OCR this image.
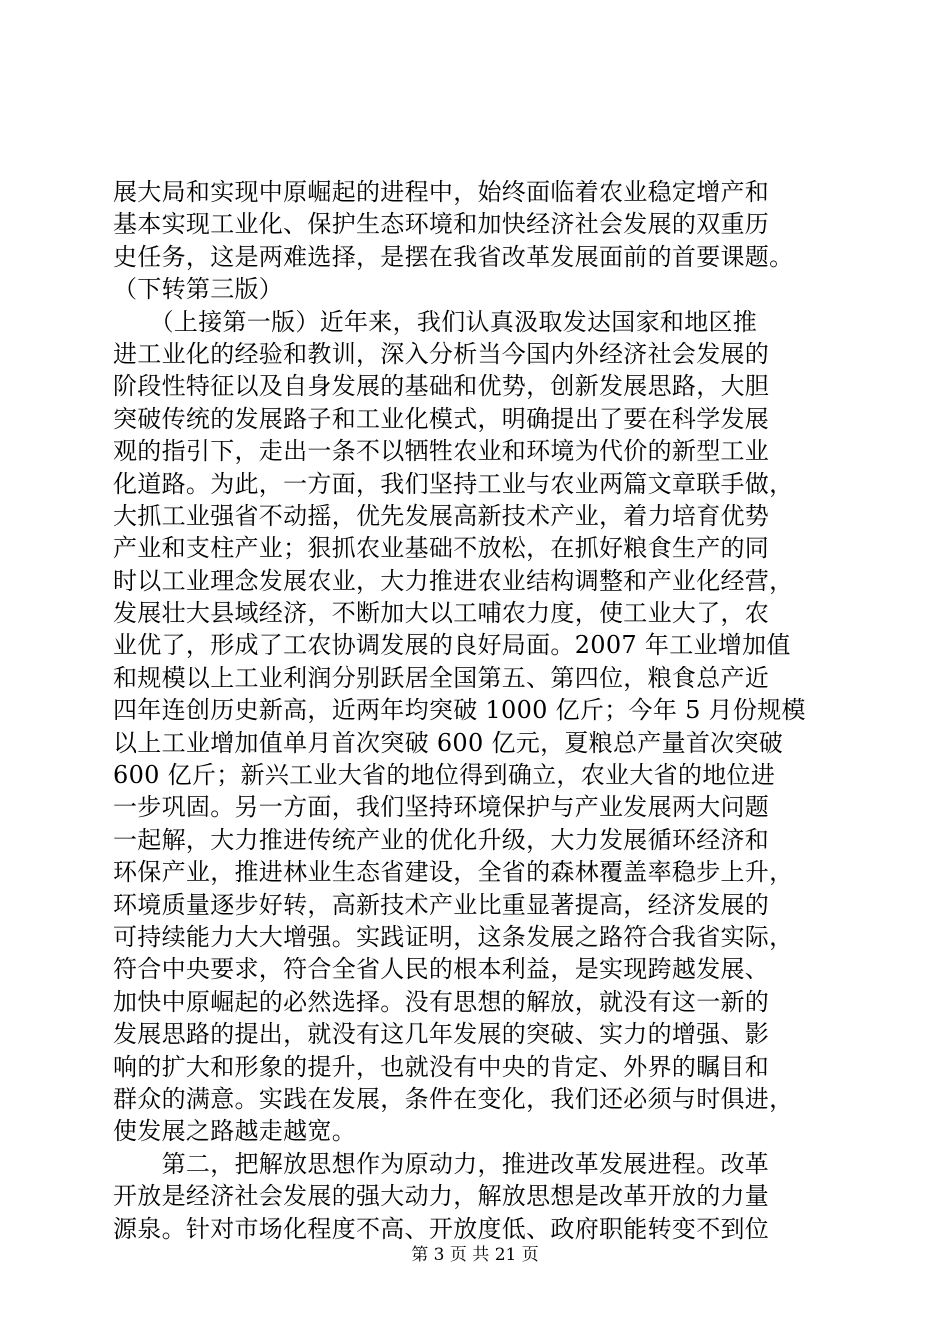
展大局和实现中原崛起的进程中，始终面临着农业稳定增产和
基本实现工业化、保护生态环境和加快经济社会发展的双重历
史任务，这是两难选择，是摆在我省改革发展面前的首要课题。
（下转第三版）
　　（上接第一版）近年来，我们认真汲取发达国家和地区推
进工业化的经验和教训，深入分析当今国内外经济社会发展的
阶段性特征以及自身发展的基础和优势，创新发展思路，大胆
突破传统的发展路子和工业化模式，明确提出了要在科学发展
观的指引下，走出一条不以牺牲农业和环境为代价的新型工业
化道路。为此，一方面，我们坚持工业与农业两篇文章联手做，
大抓工业强省不动摇，优先发展高新技术产业，着力培育优势
产业和支柱产业；狠抓农业基础不放松，在抓好粮食生产的同
时以工业理念发展农业，大力推进农业结构调整和产业化经营，
发展壮大县域经济，不断加大以工哺农力度，使工业大了，农
业优了，形成了工农协调发展的良好局面。2007 年工业增加值
和规模以上工业利润分别跃居全国第五、第四位，粮食总产近
四年连创历史新高，近两年均突破 1000 亿斤；今年 5 月份规模
以上工业增加值单月首次突破 600 亿元，夏粮总产量首次突破
600 亿斤；新兴工业大省的地位得到确立，农业大省的地位进
一步巩固。另一方面，我们坚持环境保护与产业发展两大问题
一起解，大力推进传统产业的优化升级，大力发展循环经济和
环保产业，推进林业生态省建设，全省的森林覆盖率稳步上升，
环境质量逐步好转，高新技术产业比重显著提高，经济发展的
可持续能力大大增强。实践证明，这条发展之路符合我省实际，
符合中央要求，符合全省人民的根本利益，是实现跨越发展、
加快中原崛起的必然选择。没有思想的解放，就没有这一新的
发展思路的提出，就没有这几年发展的突破、实力的增强、影
响的扩大和形象的提升，也就没有中央的肯定、外界的瞩目和
群众的满意。实践在发展，条件在变化，我们还必须与时俱进，
使发展之路越走越宽。
　　第二，把解放思想作为原动力，推进改革发展进程。改革
开放是经济社会发展的强大动力，解放思想是改革开放的力量
源泉。针对市场化程度不高、开放度低、政府职能转变不到位
第 3 页 共 21 页
